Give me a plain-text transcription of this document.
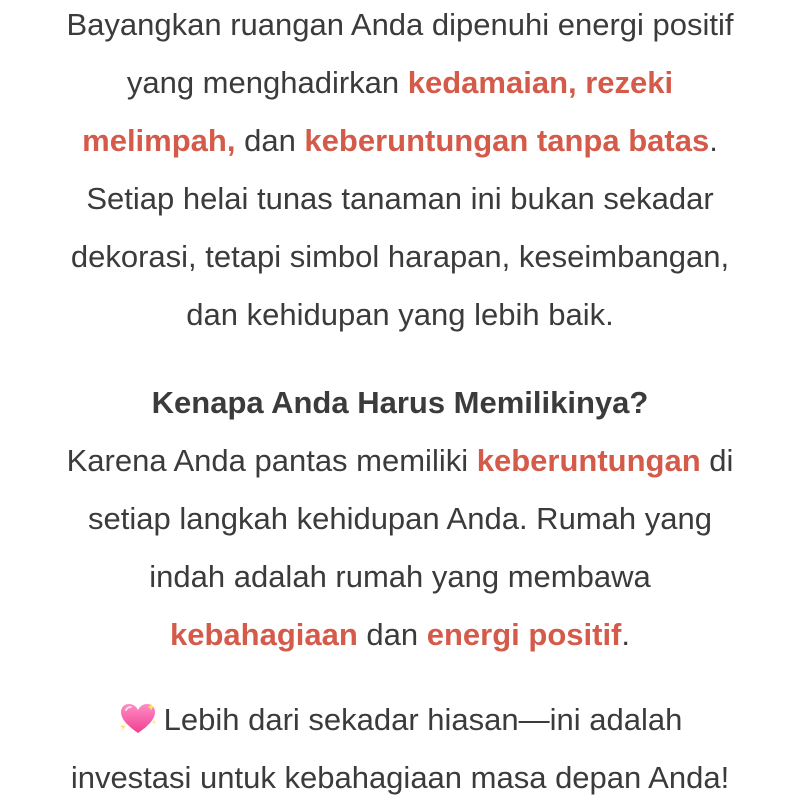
Bayangkan ruangan Anda dipenuhi energi positif
yang menghadirkan kedamaian, rezeki
melimpah, dan keberuntungan tanpa batas.
Setiap helai tunas tanaman ini bukan sekadar
dekorasi, tetapi simbol harapan, keseimbangan,
dan kehidupan yang lebih baik.
Kenapa Anda Harus Memilikinya?
Karena Anda pantas memiliki keberuntungan di
setiap langkah kehidupan Anda. Rumah yang
indah adalah rumah yang membawa
kebahagiaan dan energi positif.
Lebih dari sekadar hiasan—ini adalah
investasi untuk kebahagiaan masa depan Anda!
